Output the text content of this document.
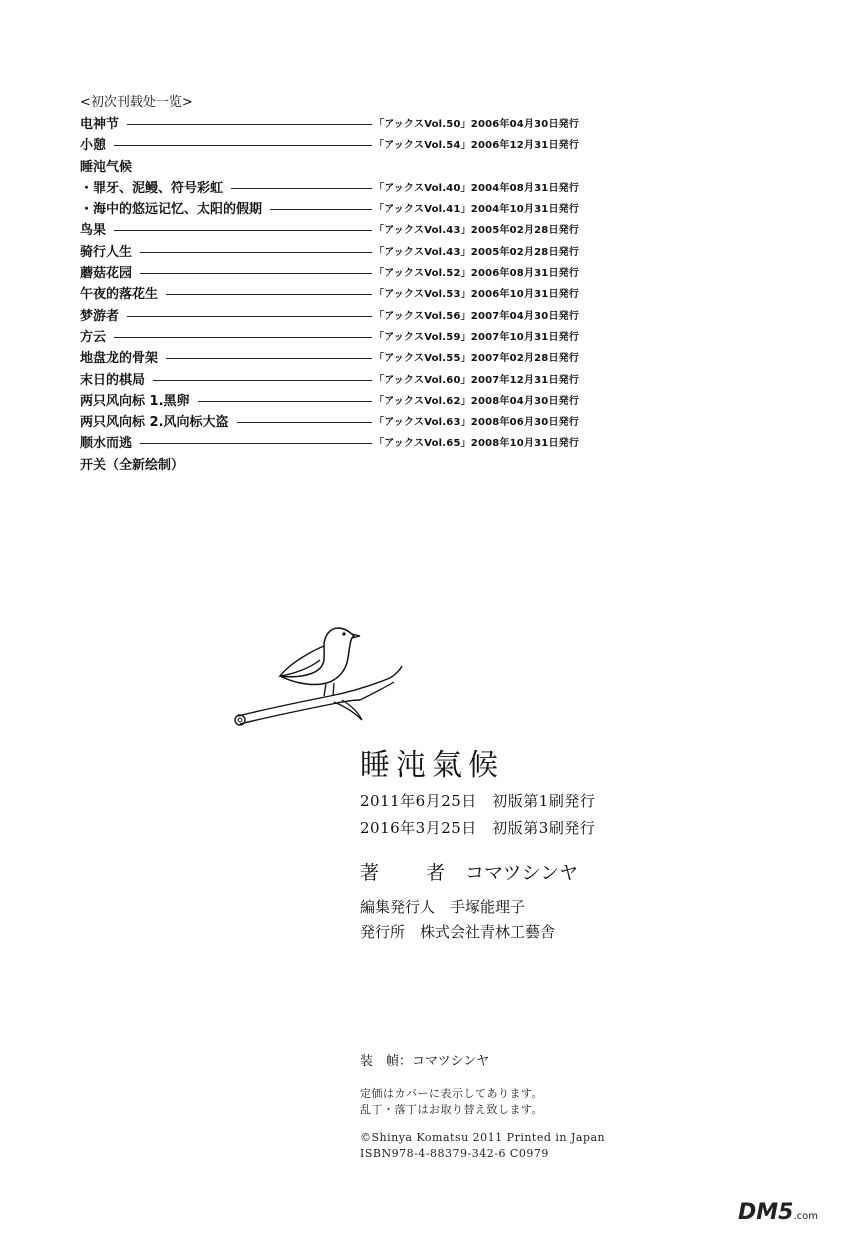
<初次刊载处一览>
电神节	「アックスVol.50」2006年04月30日発行
小憩	「アックスVol.54」2006年12月31日発行
睡沌气候
・罪牙、泥鳗、符号彩虹	「アックスVol.40」2004年08月31日発行
・海中的悠远记忆、太阳的假期	「アックスVol.41」2004年10月31日発行
鸟果	「アックスVol.43」2005年02月28日発行
骑行人生	「アックスVol.43」2005年02月28日発行
蘑菇花园	「アックスVol.52」2006年08月31日発行
午夜的落花生	「アックスVol.53」2006年10月31日発行
梦游者	「アックスVol.56」2007年04月30日発行
方云	「アックスVol.59」2007年10月31日発行
地盘龙的骨架	「アックスVol.55」2007年02月28日発行
末日的棋局	「アックスVol.60」2007年12月31日発行
两只风向标 1.黑卵	「アックスVol.62」2008年04月30日発行
两只风向标 2.风向标大盗	「アックスVol.63」2008年06月30日発行
顺水而逃	「アックスVol.65」2008年10月31日発行
开关（全新绘制）
睡沌氣候
2011年6月25日　初版第1刷発行
2016年3月25日　初版第3刷発行
著　者 コマツシンヤ
編集発行人　手塚能理子
発行所　株式会社青林工藝舎
装　幀：コマツシンヤ
定価はカバーに表示してあります。
乱丁・落丁はお取り替え致します。
©Shinya Komatsu 2011 Printed in Japan
ISBN978-4-88379-342-6 C0979
DM5.com
